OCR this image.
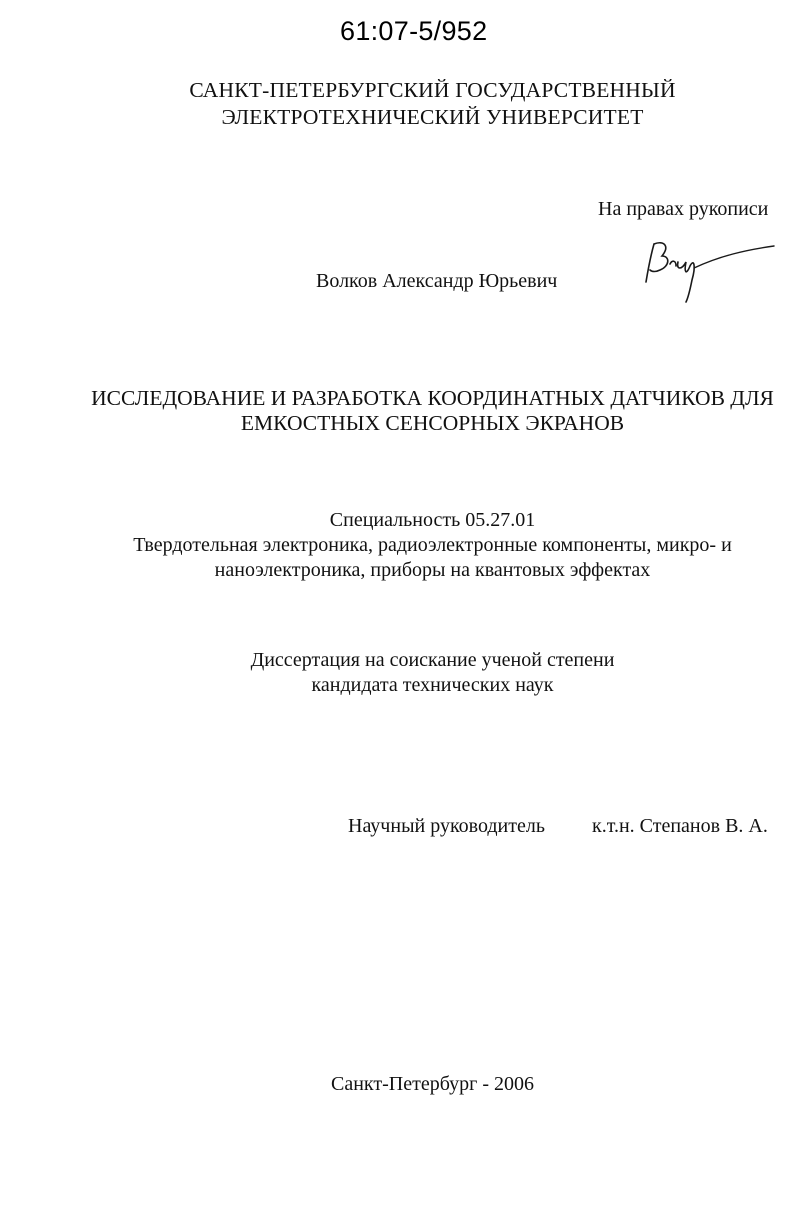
61:07-5/952
САНКТ-ПЕТЕРБУРГСКИЙ ГОСУДАРСТВЕННЫЙ
ЭЛЕКТРОТЕХНИЧЕСКИЙ УНИВЕРСИТЕТ
На правах рукописи
Волков Александр Юрьевич
ИССЛЕДОВАНИЕ И РАЗРАБОТКА КООРДИНАТНЫХ ДАТЧИКОВ ДЛЯ
ЕМКОСТНЫХ СЕНСОРНЫХ ЭКРАНОВ
Специальность 05.27.01
Твердотельная электроника, радиоэлектронные компоненты, микро- и
наноэлектроника, приборы на квантовых эффектах
Диссертация на соискание ученой степени
кандидата технических наук
Научный руководитель к.т.н. Степанов В. А.
Санкт-Петербург - 2006
